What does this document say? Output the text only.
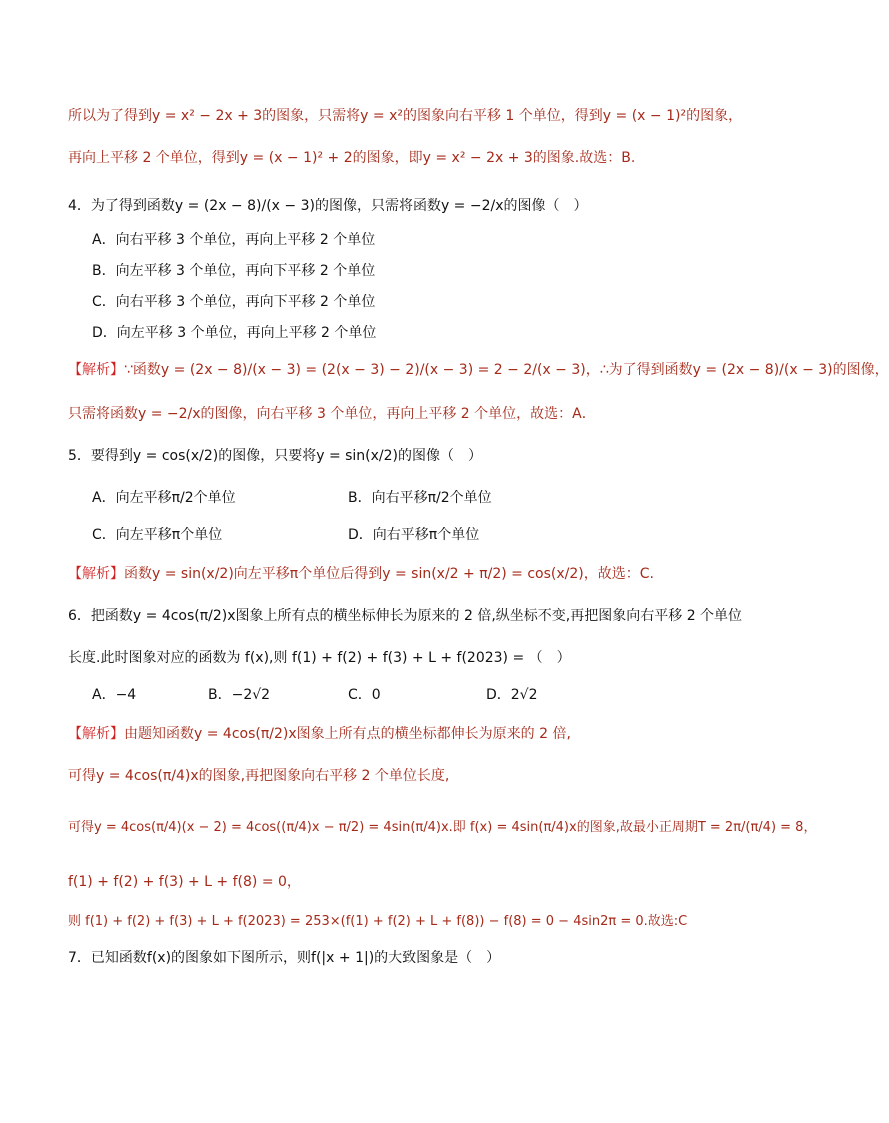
所以为了得到y = x² − 2x + 3的图象，只需将y = x²的图象向右平移 1 个单位，得到y = (x − 1)²的图象，
再向上平移 2 个单位，得到y = (x − 1)² + 2的图象，即y = x² − 2x + 3的图象.故选：B.
4．为了得到函数y = (2x − 8)/(x − 3)的图像，只需将函数y = −2/x的图像（　）
A．向右平移 3 个单位，再向上平移 2 个单位
B．向左平移 3 个单位，再向下平移 2 个单位
C．向右平移 3 个单位，再向下平移 2 个单位
D．向左平移 3 个单位，再向上平移 2 个单位
【解析】∵函数y = (2x − 8)/(x − 3) = (2(x − 3) − 2)/(x − 3) = 2 − 2/(x − 3)，∴为了得到函数y = (2x − 8)/(x − 3)的图像，
只需将函数y = −2/x的图像，向右平移 3 个单位，再向上平移 2 个单位，故选：A．
5．要得到y = cos(x/2)的图像，只要将y = sin(x/2)的图像（　）
A．向左平移π/2个单位	B．向右平移π/2个单位
C．向左平移π个单位	D．向右平移π个单位
【解析】函数y = sin(x/2)向左平移π个单位后得到y = sin(x/2 + π/2) = cos(x/2)，故选：C.
6．把函数y = 4cos(π/2)x图象上所有点的横坐标伸长为原来的 2 倍,纵坐标不变,再把图象向右平移 2 个单位
长度.此时图象对应的函数为 f(x),则 f(1) + f(2) + f(3) + L + f(2023) = （　）
A．−4	B．−2√2	C．0	D．2√2
【解析】由题知函数y = 4cos(π/2)x图象上所有点的横坐标都伸长为原来的 2 倍,
可得y = 4cos(π/4)x的图象,再把图象向右平移 2 个单位长度,
可得y = 4cos(π/4)(x − 2) = 4cos((π/4)x − π/2) = 4sin(π/4)x.即 f(x) = 4sin(π/4)x的图象,故最小正周期T = 2π/(π/4) = 8，
f(1) + f(2) + f(3) + L + f(8) = 0，
则 f(1) + f(2) + f(3) + L + f(2023) = 253×(f(1) + f(2) + L + f(8)) − f(8) = 0 − 4sin2π = 0.故选:C
7．已知函数f(x)的图象如下图所示，则f(|x + 1|)的大致图象是（　）
